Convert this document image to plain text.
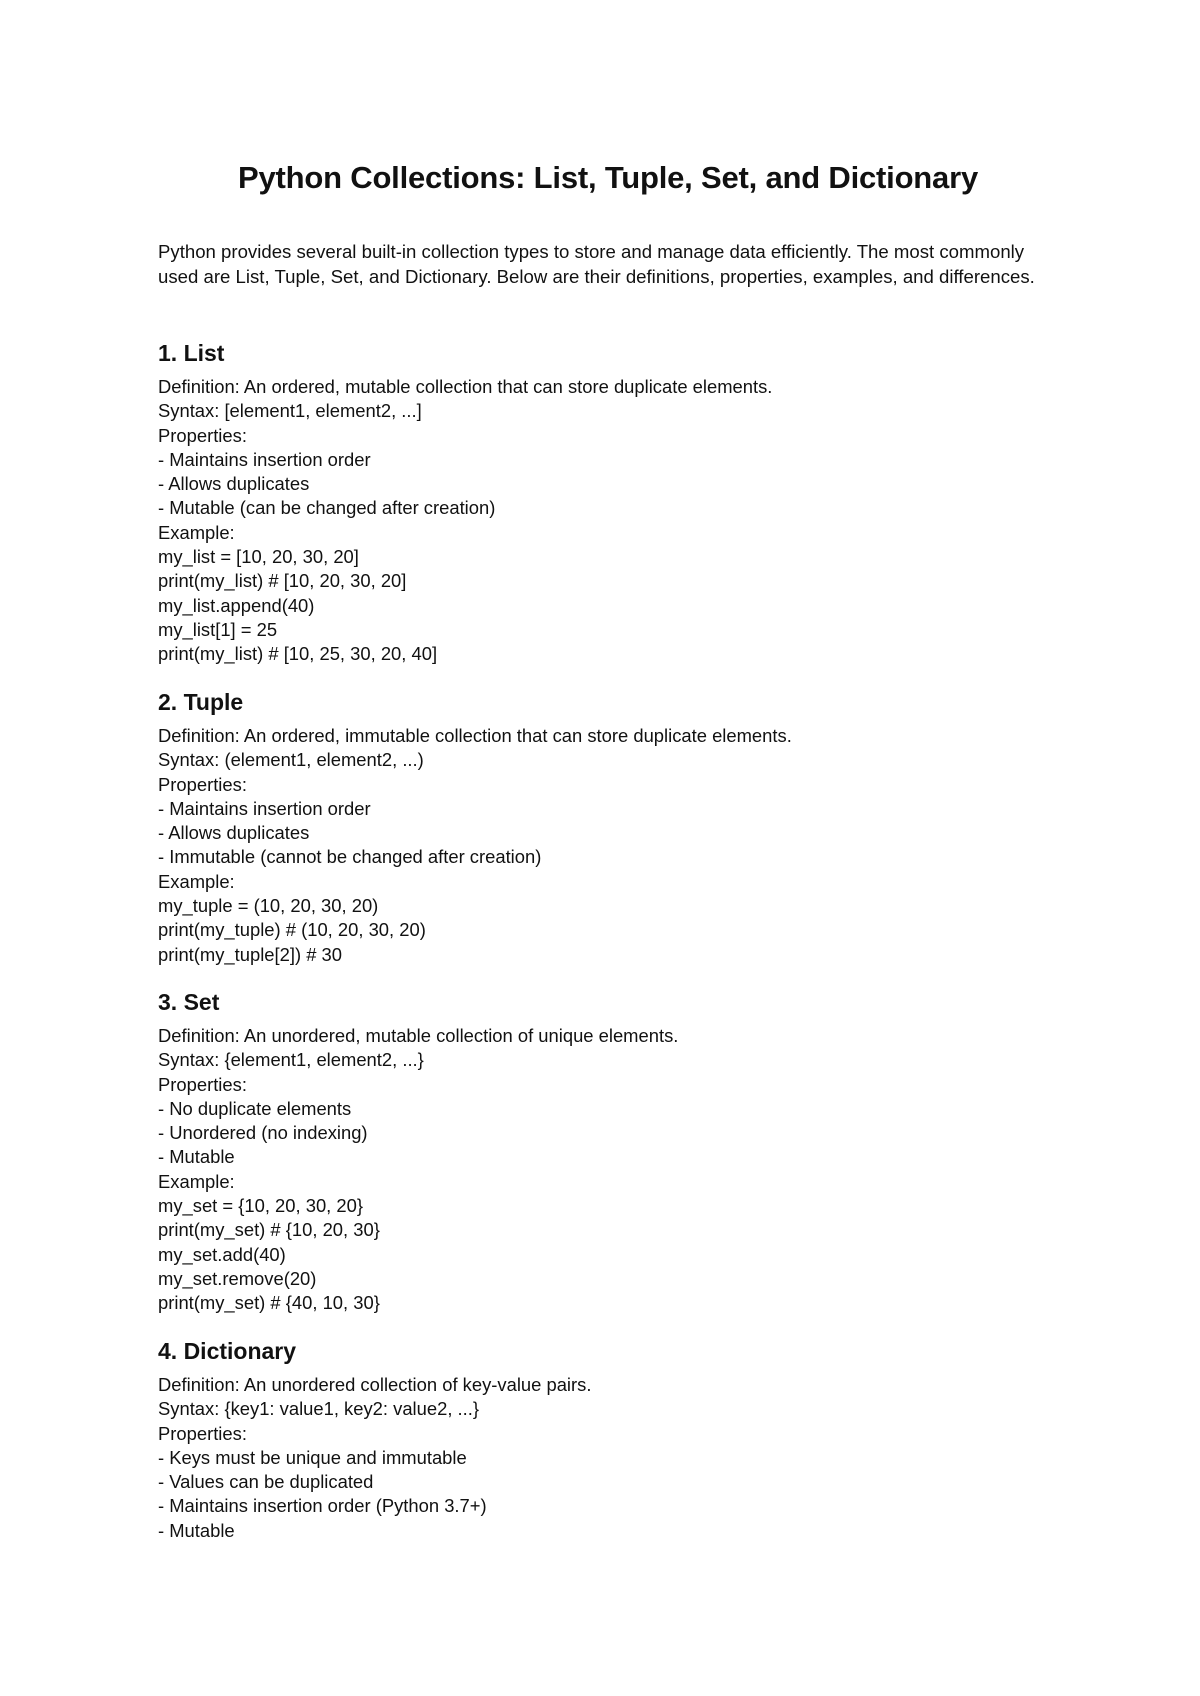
Python Collections: List, Tuple, Set, and Dictionary

Python provides several built-in collection types to store and manage data efficiently. The most commonly used are List, Tuple, Set, and Dictionary. Below are their definitions, properties, examples, and differences.

1. List

Definition: An ordered, mutable collection that can store duplicate elements.

Syntax: [element1, element2, ...]

Properties:

- Maintains insertion order

- Allows duplicates

- Mutable (can be changed after creation)

Example:

my_list = [10, 20, 30, 20]

print(my_list) # [10, 20, 30, 20]

my_list.append(40)

my_list[1] = 25

print(my_list) # [10, 25, 30, 20, 40]

2. Tuple

Definition: An ordered, immutable collection that can store duplicate elements.

Syntax: (element1, element2, ...)

Properties:

- Maintains insertion order

- Allows duplicates

- Immutable (cannot be changed after creation)

Example:

my_tuple = (10, 20, 30, 20)

print(my_tuple) # (10, 20, 30, 20)

print(my_tuple[2]) # 30

3. Set

Definition: An unordered, mutable collection of unique elements.

Syntax: {element1, element2, ...}

Properties:

- No duplicate elements

- Unordered (no indexing)

- Mutable

Example:

my_set = {10, 20, 30, 20}

print(my_set) # {10, 20, 30}

my_set.add(40)

my_set.remove(20)

print(my_set) # {40, 10, 30}

4. Dictionary

Definition: An unordered collection of key-value pairs.

Syntax: {key1: value1, key2: value2, ...}

Properties:

- Keys must be unique and immutable

- Values can be duplicated

- Maintains insertion order (Python 3.7+)

- Mutable
